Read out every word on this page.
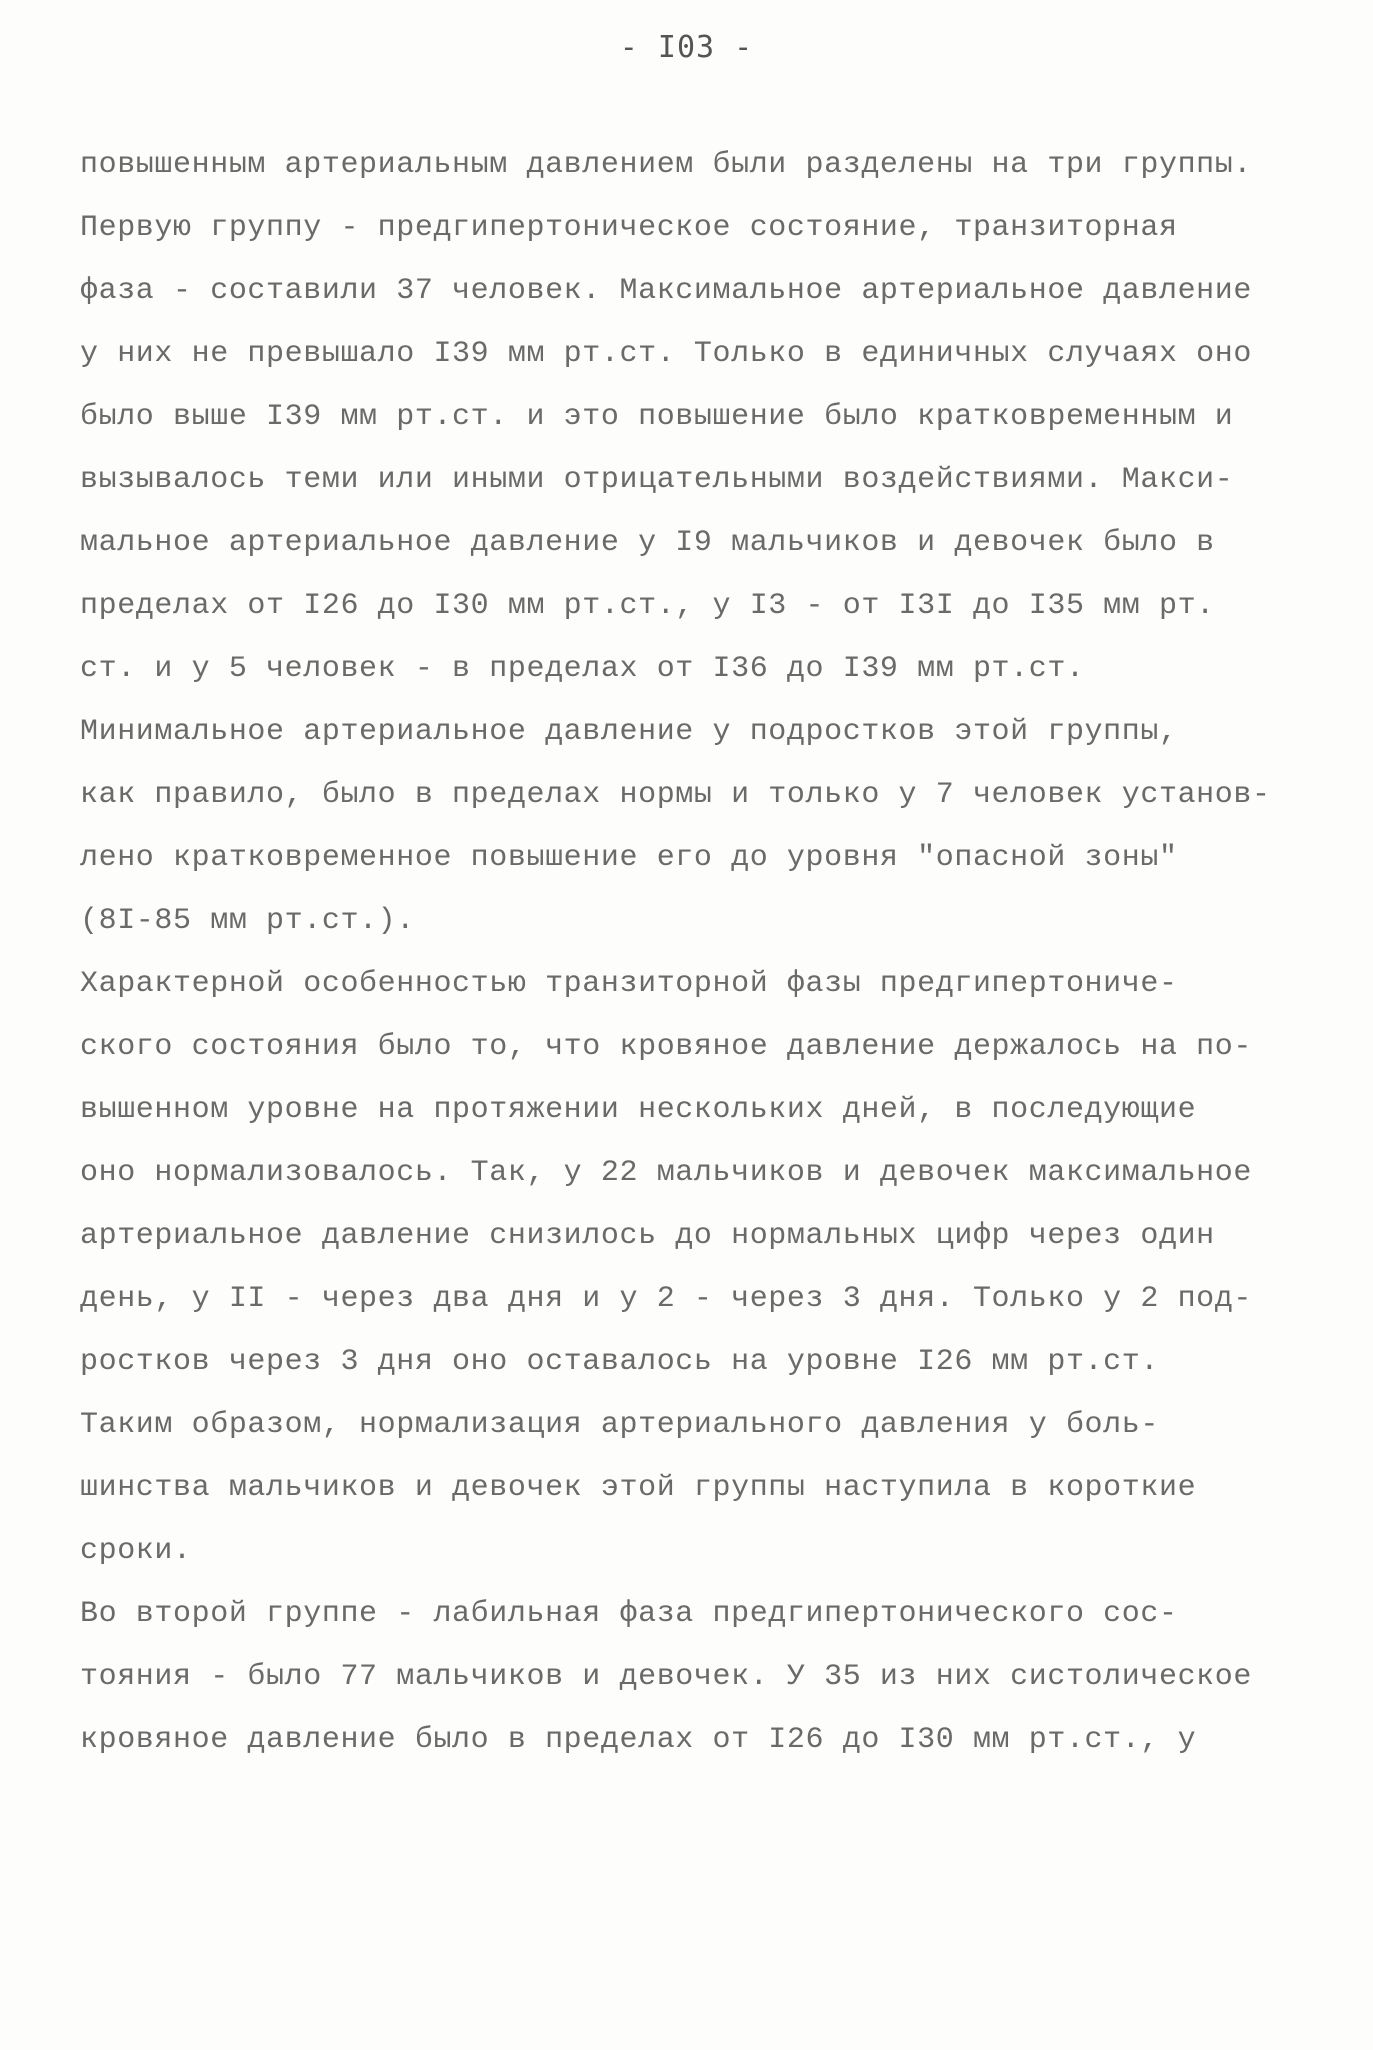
- I03 -
повышенным артериальным давлением были разделены на три группы.
Первую группу - предгипертоническое состояние, транзиторная
фаза - составили 37 человек. Максимальное артериальное давление
у них не превышало I39 мм рт.ст. Только в единичных случаях оно
было выше I39 мм рт.ст. и это повышение было кратковременным и
вызывалось теми или иными отрицательными воздействиями. Макси-
мальное артериальное давление у I9 мальчиков и девочек было в
пределах от I26 до I30 мм рт.ст., у I3 - от I3I до I35 мм рт.
ст. и у 5 человек - в пределах от I36 до I39 мм рт.ст.
Минимальное артериальное давление у подростков этой группы,
как правило, было в пределах нормы и только у 7 человек установ-
лено кратковременное повышение его до уровня "опасной зоны"
(8I-85 мм рт.ст.).
Характерной особенностью транзиторной фазы предгипертониче-
ского состояния было то, что кровяное давление держалось на по-
вышенном уровне на протяжении нескольких дней, в последующие
оно нормализовалось. Так, у 22 мальчиков и девочек максимальное
артериальное давление снизилось до нормальных цифр через один
день, у II - через два дня и у 2 - через 3 дня. Только у 2 под-
ростков через 3 дня оно оставалось на уровне I26 мм рт.ст.
Таким образом, нормализация артериального давления у боль-
шинства мальчиков и девочек этой группы наступила в короткие
сроки.
Во второй группе - лабильная фаза предгипертонического сос-
тояния - было 77 мальчиков и девочек. У 35 из них систолическое
кровяное давление было в пределах от I26 до I30 мм рт.ст., у
